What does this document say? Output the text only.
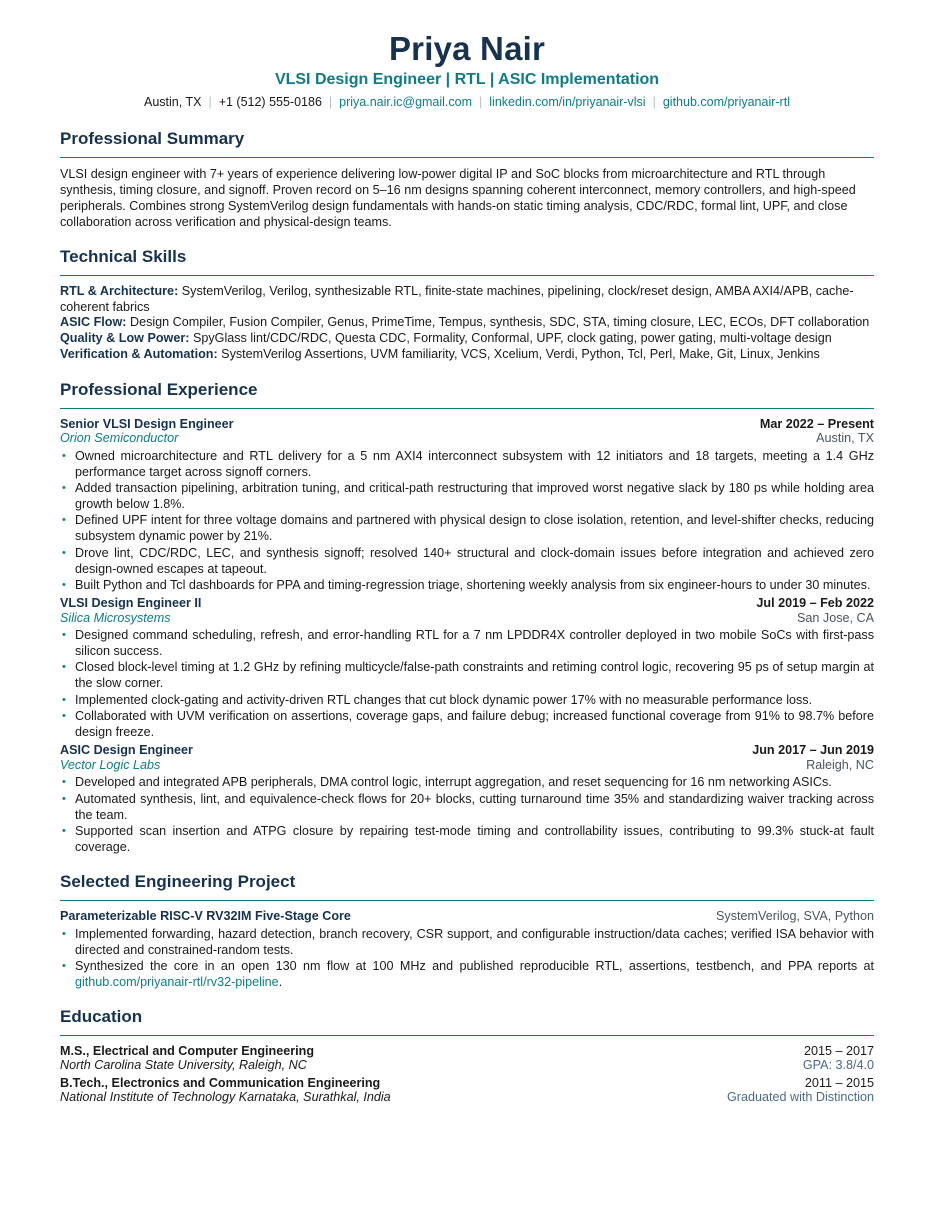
Priya Nair
VLSI Design Engineer | RTL | ASIC Implementation
Austin, TX | +1 (512) 555-0186 | priya.nair.ic@gmail.com | linkedin.com/in/priyanair-vlsi | github.com/priyanair-rtl
Professional Summary

VLSI design engineer with 7+ years of experience delivering low-power digital IP and SoC blocks from microarchitecture and RTL through synthesis, timing closure, and signoff. Proven record on 5–16 nm designs spanning coherent interconnect, memory controllers, and high-speed peripherals. Combines strong SystemVerilog design fundamentals with hands-on static timing analysis, CDC/RDC, formal lint, UPF, and close collaboration across verification and physical-design teams.

Technical Skills
RTL & Architecture: SystemVerilog, Verilog, synthesizable RTL, finite-state machines, pipelining, clock/reset design, AMBA AXI4/APB, cache-coherent fabrics
ASIC Flow: Design Compiler, Fusion Compiler, Genus, PrimeTime, Tempus, synthesis, SDC, STA, timing closure, LEC, ECOs, DFT collaboration
Quality & Low Power: SpyGlass lint/CDC/RDC, Questa CDC, Formality, Conformal, UPF, clock gating, power gating, multi-voltage design
Verification & Automation: SystemVerilog Assertions, UVM familiarity, VCS, Xcelium, Verdi, Python, Tcl, Perl, Make, Git, Linux, Jenkins
Professional Experience
Senior VLSI Design Engineer	Mar 2022 – Present
Orion Semiconductor	Austin, TX
• Owned microarchitecture and RTL delivery for a 5 nm AXI4 interconnect subsystem with 12 initiators and 18 targets, meeting a 1.4 GHz performance target across signoff corners.
• Added transaction pipelining, arbitration tuning, and critical-path restructuring that improved worst negative slack by 180 ps while holding area growth below 1.8%.
• Defined UPF intent for three voltage domains and partnered with physical design to close isolation, retention, and level-shifter checks, reducing subsystem dynamic power by 21%.
• Drove lint, CDC/RDC, LEC, and synthesis signoff; resolved 140+ structural and clock-domain issues before integration and achieved zero design-owned escapes at tapeout.
• Built Python and Tcl dashboards for PPA and timing-regression triage, shortening weekly analysis from six engineer-hours to under 30 minutes.
VLSI Design Engineer II	Jul 2019 – Feb 2022
Silica Microsystems	San Jose, CA
• Designed command scheduling, refresh, and error-handling RTL for a 7 nm LPDDR4X controller deployed in two mobile SoCs with first-pass silicon success.
• Closed block-level timing at 1.2 GHz by refining multicycle/false-path constraints and retiming control logic, recovering 95 ps of setup margin at the slow corner.
• Implemented clock-gating and activity-driven RTL changes that cut block dynamic power 17% with no measurable performance loss.
• Collaborated with UVM verification on assertions, coverage gaps, and failure debug; increased functional coverage from 91% to 98.7% before design freeze.
ASIC Design Engineer	Jun 2017 – Jun 2019
Vector Logic Labs	Raleigh, NC
• Developed and integrated APB peripherals, DMA control logic, interrupt aggregation, and reset sequencing for 16 nm networking ASICs.
• Automated synthesis, lint, and equivalence-check flows for 20+ blocks, cutting turnaround time 35% and standardizing waiver tracking across the team.
• Supported scan insertion and ATPG closure by repairing test-mode timing and controllability issues, contributing to 99.3% stuck-at fault coverage.
Selected Engineering Project
Parameterizable RISC-V RV32IM Five-Stage Core	SystemVerilog, SVA, Python
• Implemented forwarding, hazard detection, branch recovery, CSR support, and configurable instruction/data caches; verified ISA behavior with directed and constrained-random tests.
• Synthesized the core in an open 130 nm flow at 100 MHz and published reproducible RTL, assertions, testbench, and PPA reports at github.com/priyanair-rtl/rv32-pipeline.
Education
M.S., Electrical and Computer Engineering	2015 – 2017
North Carolina State University, Raleigh, NC	GPA: 3.8/4.0
B.Tech., Electronics and Communication Engineering	2011 – 2015
National Institute of Technology Karnataka, Surathkal, India	Graduated with Distinction
